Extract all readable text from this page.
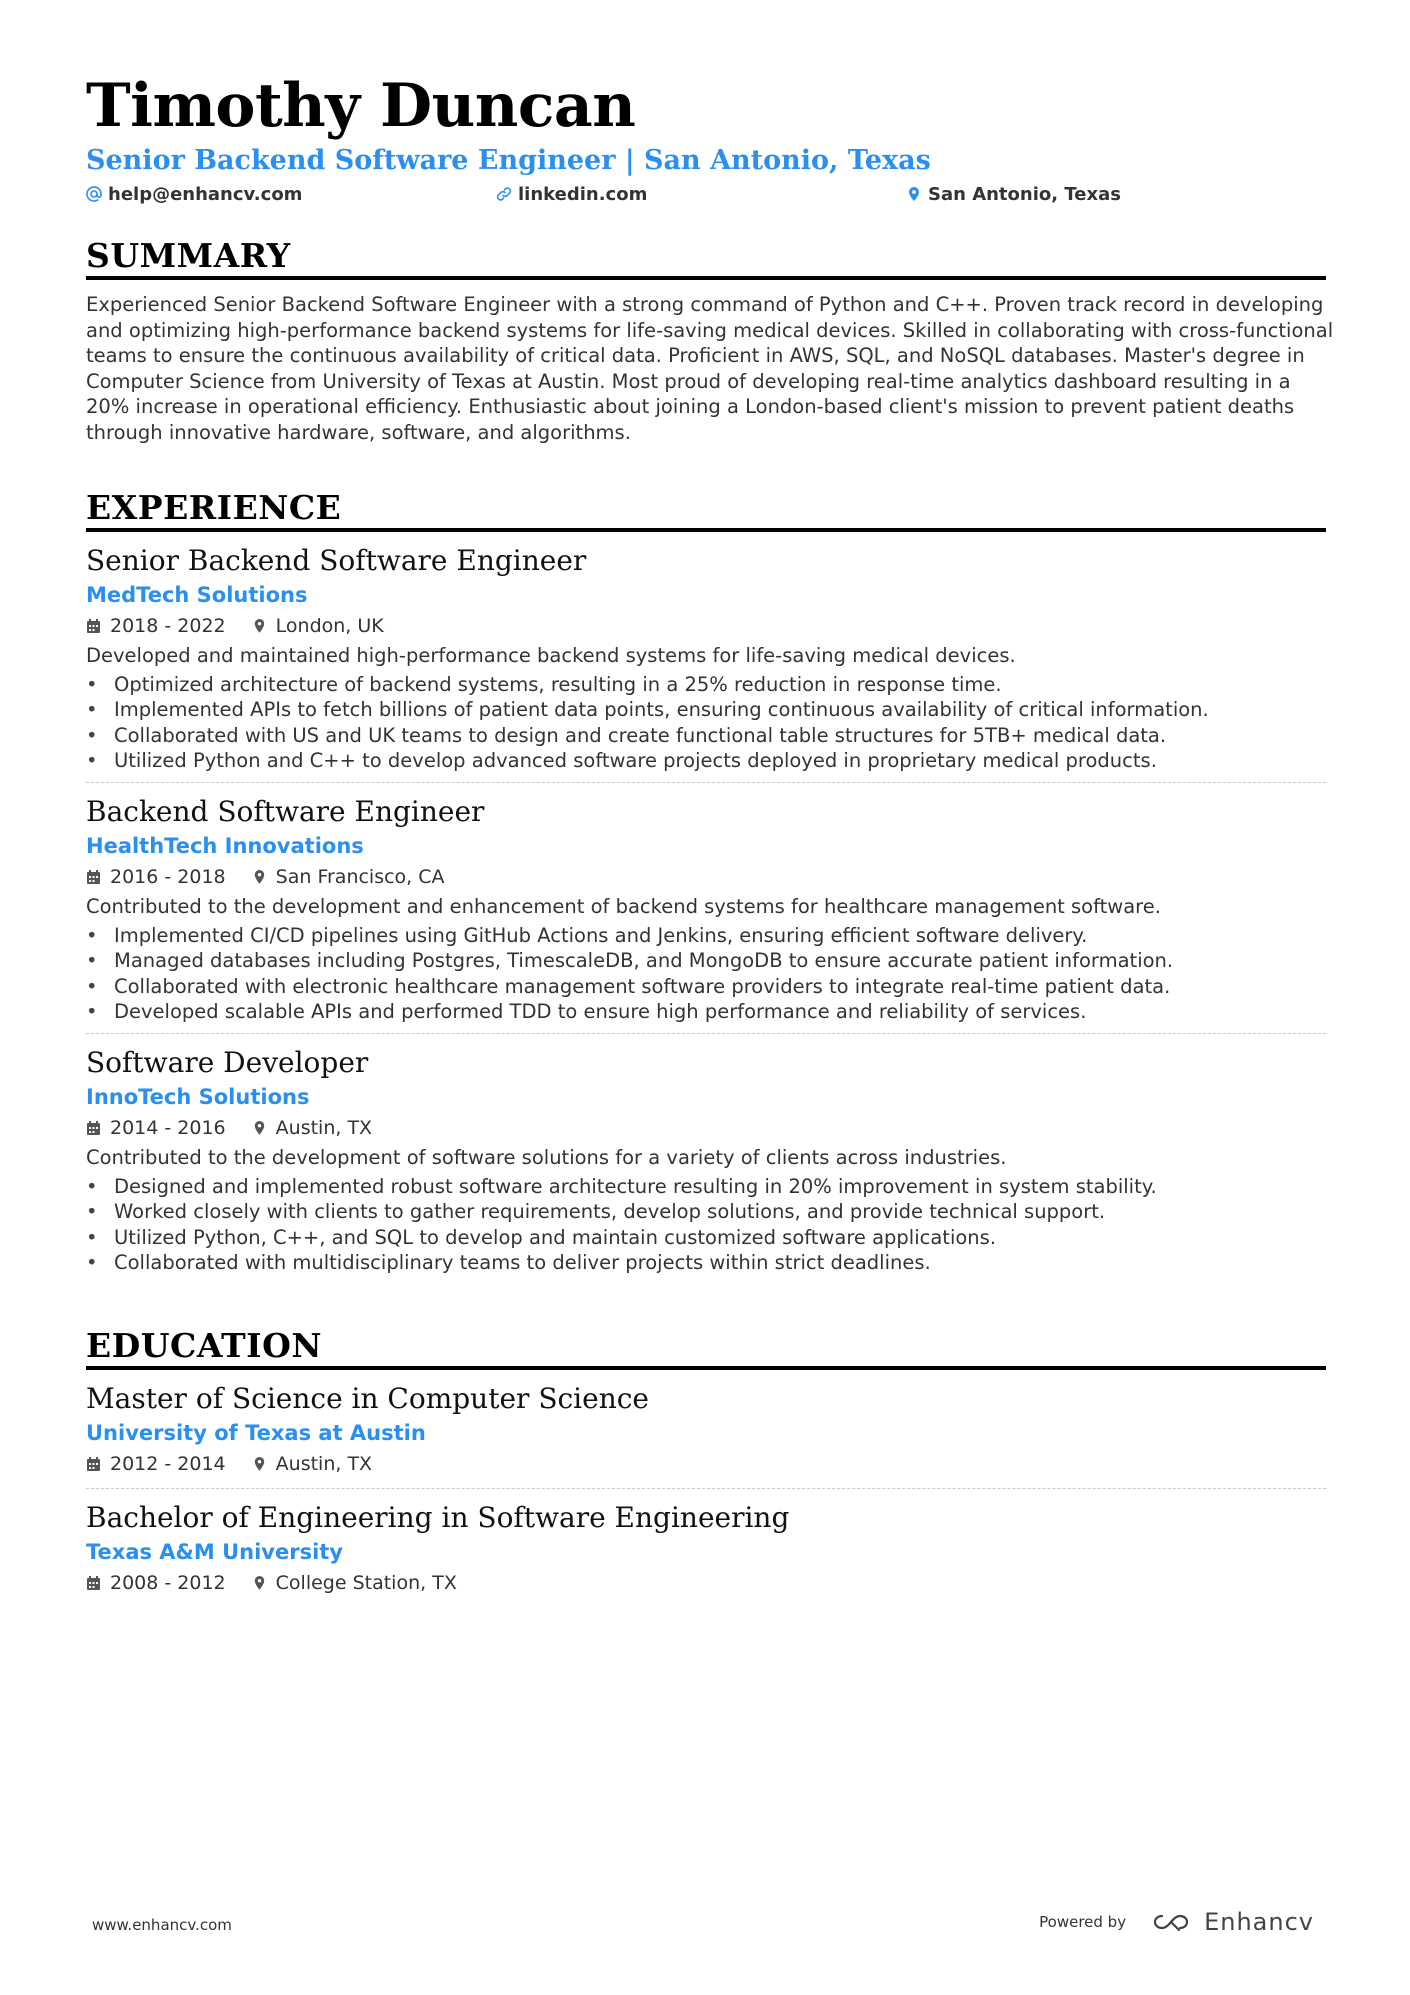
Timothy Duncan
Senior Backend Software Engineer | San Antonio, Texas
help@enhancv.com	linkedin.com	San Antonio, Texas
SUMMARY
Experienced Senior Backend Software Engineer with a strong command of Python and C++. Proven track record in developing and optimizing high-performance backend systems for life-saving medical devices. Skilled in collaborating with cross-functional teams to ensure the continuous availability of critical data. Proficient in AWS, SQL, and NoSQL databases. Master's degree in Computer Science from University of Texas at Austin. Most proud of developing real-time analytics dashboard resulting in a 20% increase in operational efficiency. Enthusiastic about joining a London-based client's mission to prevent patient deaths through innovative hardware, software, and algorithms.
EXPERIENCE
Senior Backend Software Engineer
MedTech Solutions
2018 - 2022	London, UK
Developed and maintained high-performance backend systems for life-saving medical devices.
• Optimized architecture of backend systems, resulting in a 25% reduction in response time.
• Implemented APIs to fetch billions of patient data points, ensuring continuous availability of critical information.
• Collaborated with US and UK teams to design and create functional table structures for 5TB+ medical data.
• Utilized Python and C++ to develop advanced software projects deployed in proprietary medical products.
Backend Software Engineer
HealthTech Innovations
2016 - 2018	San Francisco, CA
Contributed to the development and enhancement of backend systems for healthcare management software.
• Implemented CI/CD pipelines using GitHub Actions and Jenkins, ensuring efficient software delivery.
• Managed databases including Postgres, TimescaleDB, and MongoDB to ensure accurate patient information.
• Collaborated with electronic healthcare management software providers to integrate real-time patient data.
• Developed scalable APIs and performed TDD to ensure high performance and reliability of services.
Software Developer
InnoTech Solutions
2014 - 2016	Austin, TX
Contributed to the development of software solutions for a variety of clients across industries.
• Designed and implemented robust software architecture resulting in 20% improvement in system stability.
• Worked closely with clients to gather requirements, develop solutions, and provide technical support.
• Utilized Python, C++, and SQL to develop and maintain customized software applications.
• Collaborated with multidisciplinary teams to deliver projects within strict deadlines.
EDUCATION
Master of Science in Computer Science
University of Texas at Austin
2012 - 2014	Austin, TX
Bachelor of Engineering in Software Engineering
Texas A&M University
2008 - 2012	College Station, TX
www.enhancv.com	Powered by	Enhancv
